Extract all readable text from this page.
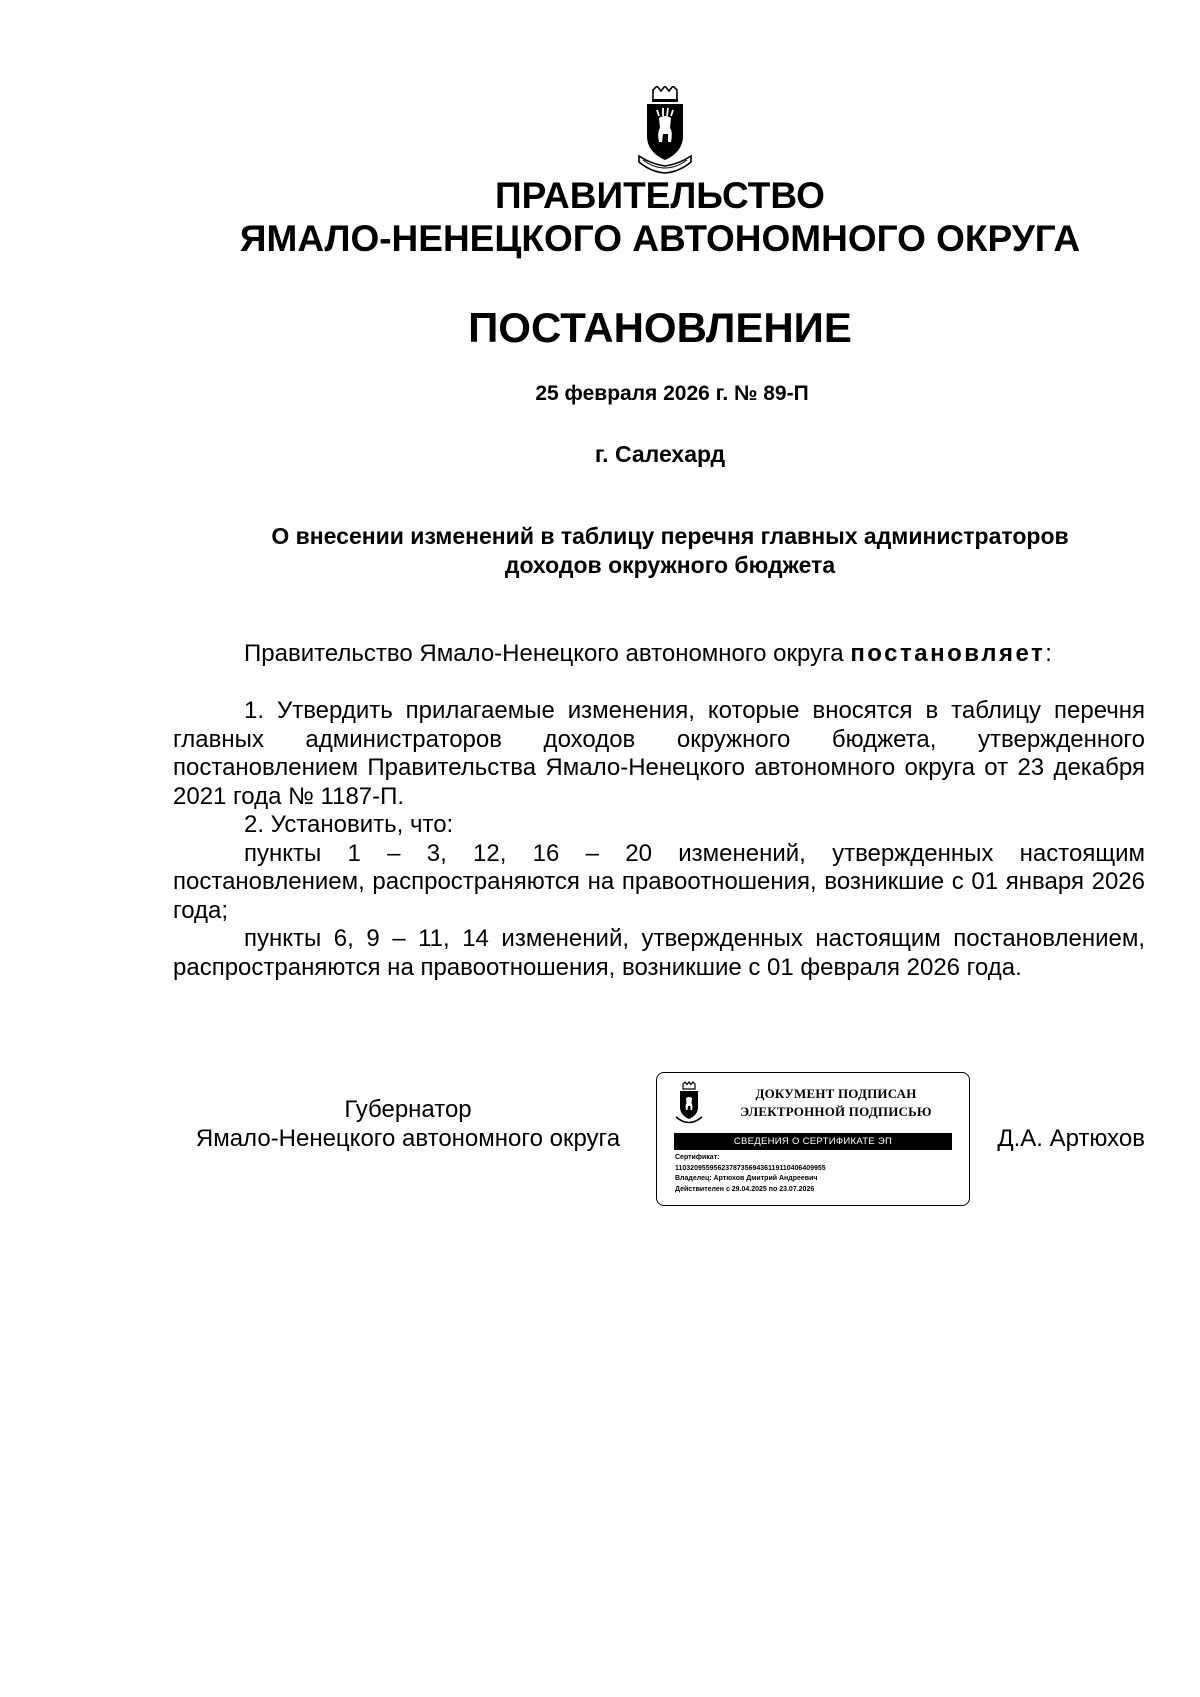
ПРАВИТЕЛЬСТВО
ЯМАЛО-НЕНЕЦКОГО АВТОНОМНОГО ОКРУГА
ПОСТАНОВЛЕНИЕ
25 февраля 2026 г. № 89-П
г. Салехард
О внесении изменений в таблицу перечня главных администраторов
доходов окружного бюджета

Правительство Ямало-Ненецкого автономного округа постановляет:

1. Утвердить прилагаемые изменения, которые вносятся в таблицу перечня главных администраторов доходов окружного бюджета, утвержденного постановлением Правительства Ямало-Ненецкого автономного округа от 23 декабря 2021 года № 1187-П.

2. Установить, что:

пункты 1 – 3, 12, 16 – 20 изменений, утвержденных настоящим постановлением, распространяются на правоотношения, возникшие с 01 января 2026 года;

пункты 6, 9 – 11, 14 изменений, утвержденных настоящим постановлением, распространяются на правоотношения, возникшие с 01 февраля 2026 года.

Губернатор
Ямало-Ненецкого автономного округа
ДОКУМЕНТ ПОДПИСАН
ЭЛЕКТРОННОЙ ПОДПИСЬЮ
СВЕДЕНИЯ О СЕРТИФИКАТЕ ЭП
Сертификат:
110320955956237873569436119110406409955
Владелец: Артюхов Дмитрий Андреевич
Действителен с 29.04.2025 по 23.07.2026
Д.А. Артюхов
